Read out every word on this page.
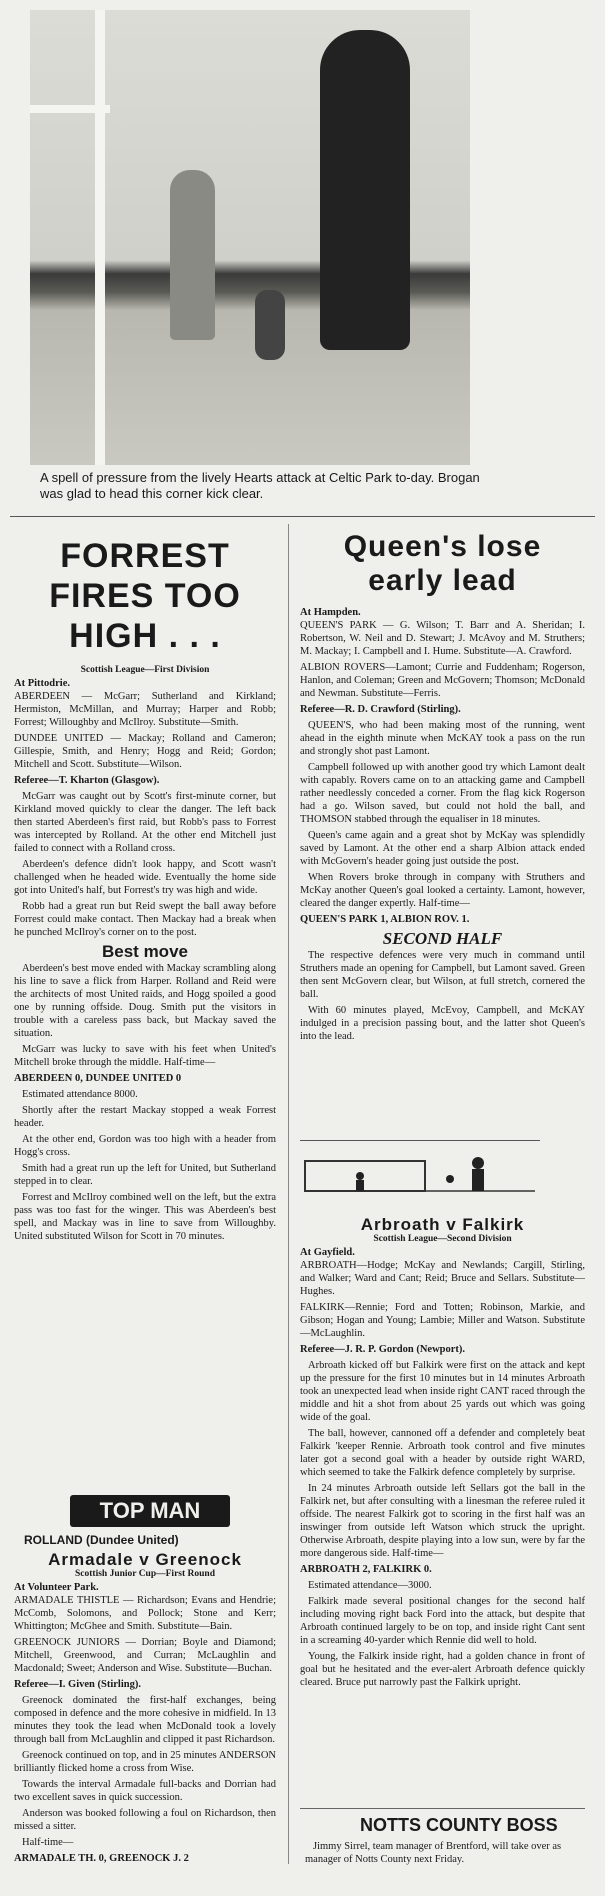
A spell of pressure from the lively Hearts attack at Celtic Park to-day. Brogan was glad to head this corner kick clear.
FORREST
FIRES TOO
HIGH . . .
Scottish League—First Division
At Pittodrie.

ABERDEEN — McGarr; Sutherland and Kirkland; Hermiston, McMillan, and Murray; Harper and Robb; Forrest; Willoughby and McIlroy. Substitute—Smith.

DUNDEE UNITED — Mackay; Rolland and Cameron; Gillespie, Smith, and Henry; Hogg and Reid; Gordon; Mitchell and Scott. Substitute—Wilson.

Referee—T. Kharton (Glasgow).

McGarr was caught out by Scott's first-minute corner, but Kirkland moved quickly to clear the danger. The left back then started Aberdeen's first raid, but Robb's pass to Forrest was intercepted by Rolland. At the other end Mitchell just failed to connect with a Rolland cross.

Aberdeen's defence didn't look happy, and Scott wasn't challenged when he headed wide. Eventually the home side got into United's half, but Forrest's try was high and wide.

Robb had a great run but Reid swept the ball away before Forrest could make contact. Then Mackay had a break when he punched McIlroy's corner on to the post.

Best move

Aberdeen's best move ended with Mackay scrambling along his line to save a flick from Harper. Rolland and Reid were the architects of most United raids, and Hogg spoiled a good one by running offside. Doug. Smith put the visitors in trouble with a careless pass back, but Mackay saved the situation.

McGarr was lucky to save with his feet when United's Mitchell broke through the middle. Half-time—

ABERDEEN 0, DUNDEE UNITED 0

Estimated attendance 8000.

Shortly after the restart Mackay stopped a weak Forrest header.

At the other end, Gordon was too high with a header from Hogg's cross.

Smith had a great run up the left for United, but Sutherland stepped in to clear.

Forrest and McIlroy combined well on the left, but the extra pass was too fast for the winger. This was Aberdeen's best spell, and Mackay was in line to save from Willoughby. United substituted Wilson for Scott in 70 minutes.

TOP MAN
ROLLAND (Dundee United)
Armadale v Greenock
Scottish Junior Cup—First Round
At Volunteer Park.

ARMADALE THISTLE — Richardson; Evans and Hendrie; McComb, Solomons, and Pollock; Stone and Kerr; Whittington; McGhee and Smith. Substitute—Bain.

GREENOCK JUNIORS — Dorrian; Boyle and Diamond; Mitchell, Greenwood, and Curran; McLaughlin and Macdonald; Sweet; Anderson and Wise. Substitute—Buchan.

Referee—I. Given (Stirling).

Greenock dominated the first-half exchanges, being composed in defence and the more cohesive in midfield. In 13 minutes they took the lead when McDonald took a lovely through ball from McLaughlin and clipped it past Richardson.

Greenock continued on top, and in 25 minutes ANDERSON brilliantly flicked home a cross from Wise.

Towards the interval Armadale full-backs and Dorrian had two excellent saves in quick succession.

Anderson was booked following a foul on Richardson, then missed a sitter.

Half-time—

ARMADALE TH. 0, GREENOCK J. 2

Queen's lose
early lead
At Hampden.

QUEEN'S PARK — G. Wilson; T. Barr and A. Sheridan; I. Robertson, W. Neil and D. Stewart; J. McAvoy and M. Struthers; M. Mackay; I. Campbell and I. Hume. Substitute—A. Crawford.

ALBION ROVERS—Lamont; Currie and Fuddenham; Rogerson, Hanlon, and Coleman; Green and McGovern; Thomson; McDonald and Newman. Substitute—Ferris.

Referee—R. D. Crawford (Stirling).

QUEEN'S, who had been making most of the running, went ahead in the eighth minute when McKAY took a pass on the run and strongly shot past Lamont.

Campbell followed up with another good try which Lamont dealt with capably. Rovers came on to an attacking game and Campbell rather needlessly conceded a corner. From the flag kick Rogerson had a go. Wilson saved, but could not hold the ball, and THOMSON stabbed through the equaliser in 18 minutes.

Queen's came again and a great shot by McKay was splendidly saved by Lamont. At the other end a sharp Albion attack ended with McGovern's header going just outside the post.

When Rovers broke through in company with Struthers and McKay another Queen's goal looked a certainty. Lamont, however, cleared the danger expertly. Half-time—

QUEEN'S PARK 1, ALBION ROV. 1.

SECOND HALF

The respective defences were very much in command until Struthers made an opening for Campbell, but Lamont saved. Green then sent McGovern clear, but Wilson, at full stretch, cornered the ball.

With 60 minutes played, McEvoy, Campbell, and McKAY indulged in a precision passing bout, and the latter shot Queen's into the lead.

Arbroath v Falkirk
Scottish League—Second Division
At Gayfield.

ARBROATH—Hodge; McKay and Newlands; Cargill, Stirling, and Walker; Ward and Cant; Reid; Bruce and Sellars. Substitute—Hughes.

FALKIRK—Rennie; Ford and Totten; Robinson, Markie, and Gibson; Hogan and Young; Lambie; Miller and Watson. Substitute—McLaughlin.

Referee—J. R. P. Gordon (Newport).

Arbroath kicked off but Falkirk were first on the attack and kept up the pressure for the first 10 minutes but in 14 minutes Arbroath took an unexpected lead when inside right CANT raced through the middle and hit a shot from about 25 yards out which was going wide of the goal.

The ball, however, cannoned off a defender and completely beat Falkirk 'keeper Rennie. Arbroath took control and five minutes later got a second goal with a header by outside right WARD, which seemed to take the Falkirk defence completely by surprise.

In 24 minutes Arbroath outside left Sellars got the ball in the Falkirk net, but after consulting with a linesman the referee ruled it offside. The nearest Falkirk got to scoring in the first half was an inswinger from outside left Watson which struck the upright. Otherwise Arbroath, despite playing into a low sun, were by far the more dangerous side. Half-time—

ARBROATH 2, FALKIRK 0.

Estimated attendance—3000.

Falkirk made several positional changes for the second half including moving right back Ford into the attack, but despite that Arbroath continued largely to be on top, and inside right Cant sent in a screaming 40-yarder which Rennie did well to hold.

Young, the Falkirk inside right, had a golden chance in front of goal but he hesitated and the ever-alert Arbroath defence quickly cleared. Bruce put narrowly past the Falkirk upright.

NOTTS COUNTY BOSS
Jimmy Sirrel, team manager of Brentford, will take over as manager of Notts County next Friday.
